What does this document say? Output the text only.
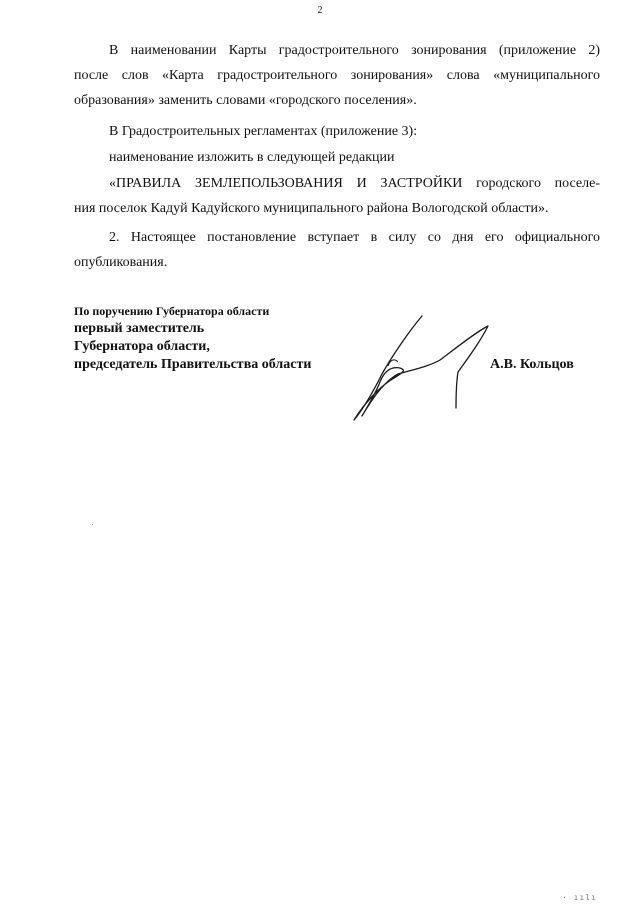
2

В наименовании Карты градостроительного зонирования (приложение 2)

после слов «Карта градостроительного зонирования» слова «муниципального

образования» заменить словами «городского поселения».

В Градостроительных регламентах (приложение 3):

наименование изложить в следующей редакции

«ПРАВИЛА ЗЕМЛЕПОЛЬЗОВАНИЯ И ЗАСТРОЙКИ городского поселе-

ния поселок Кадуй Кадуйского муниципального района Вологодской области».

2. Настоящее постановление вступает в силу со дня его официального

опубликования.

По поручению Губернатора области
первый заместитель
Губернатора области,
председатель Правительства области	А.В. Кольцов
· ıılı
